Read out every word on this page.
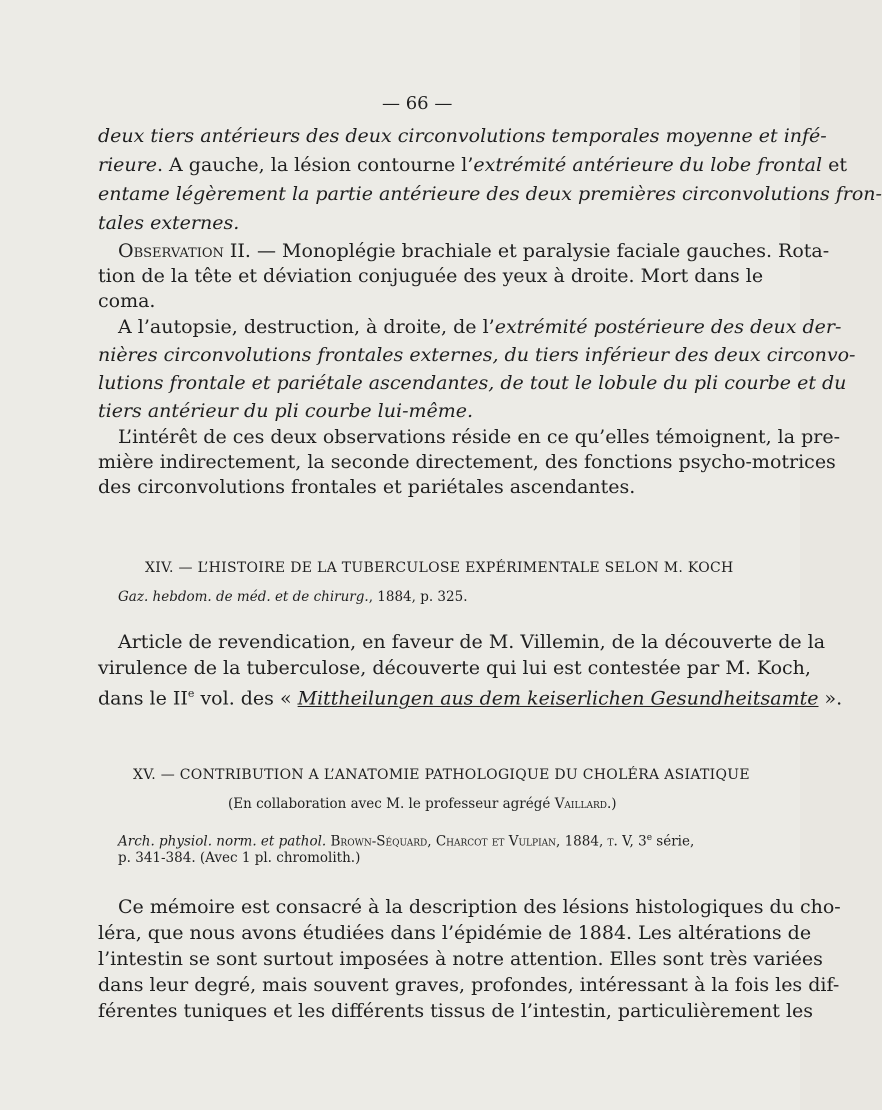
— 66 —
deux tiers antérieurs des deux circonvolutions temporales moyenne et infé-
rieure. A gauche, la lésion contourne l’extrémité antérieure du lobe frontal et
entame légèrement la partie antérieure des deux premières circonvolutions fron-
tales externes.
Observation II. — Monoplégie brachiale et paralysie faciale gauches. Rota-
tion de la tête et déviation conjuguée des yeux à droite. Mort dans le
coma.
A l’autopsie, destruction, à droite, de l’extrémité postérieure des deux der-
nières circonvolutions frontales externes, du tiers inférieur des deux circonvo-
lutions frontale et pariétale ascendantes, de tout le lobule du pli courbe et du
tiers antérieur du pli courbe lui-même.
L’intérêt de ces deux observations réside en ce qu’elles témoignent, la pre-
mière indirectement, la seconde directement, des fonctions psycho-motrices
des circonvolutions frontales et pariétales ascendantes.
XIV. — L’HISTOIRE DE LA TUBERCULOSE EXPÉRIMENTALE SELON M. KOCH
Gaz. hebdom. de méd. et de chirurg., 1884, p. 325.
Article de revendication, en faveur de M. Villemin, de la découverte de la
virulence de la tuberculose, découverte qui lui est contestée par M. Koch,
dans le IIe vol. des « Mittheilungen aus dem keiserlichen Gesundheitsamte ».
XV. — CONTRIBUTION A L’ANATOMIE PATHOLOGIQUE DU CHOLÉRA ASIATIQUE
(En collaboration avec M. le professeur agrégé Vaillard.)
Arch. physiol. norm. et pathol. Brown-Séquard, Charcot et Vulpian, 1884, t. V, 3e série,
p. 341-384. (Avec 1 pl. chromolith.)
Ce mémoire est consacré à la description des lésions histologiques du cho-
léra, que nous avons étudiées dans l’épidémie de 1884. Les altérations de
l’intestin se sont surtout imposées à notre attention. Elles sont très variées
dans leur degré, mais souvent graves, profondes, intéressant à la fois les dif-
férentes tuniques et les différents tissus de l’intestin, particulièrement les
